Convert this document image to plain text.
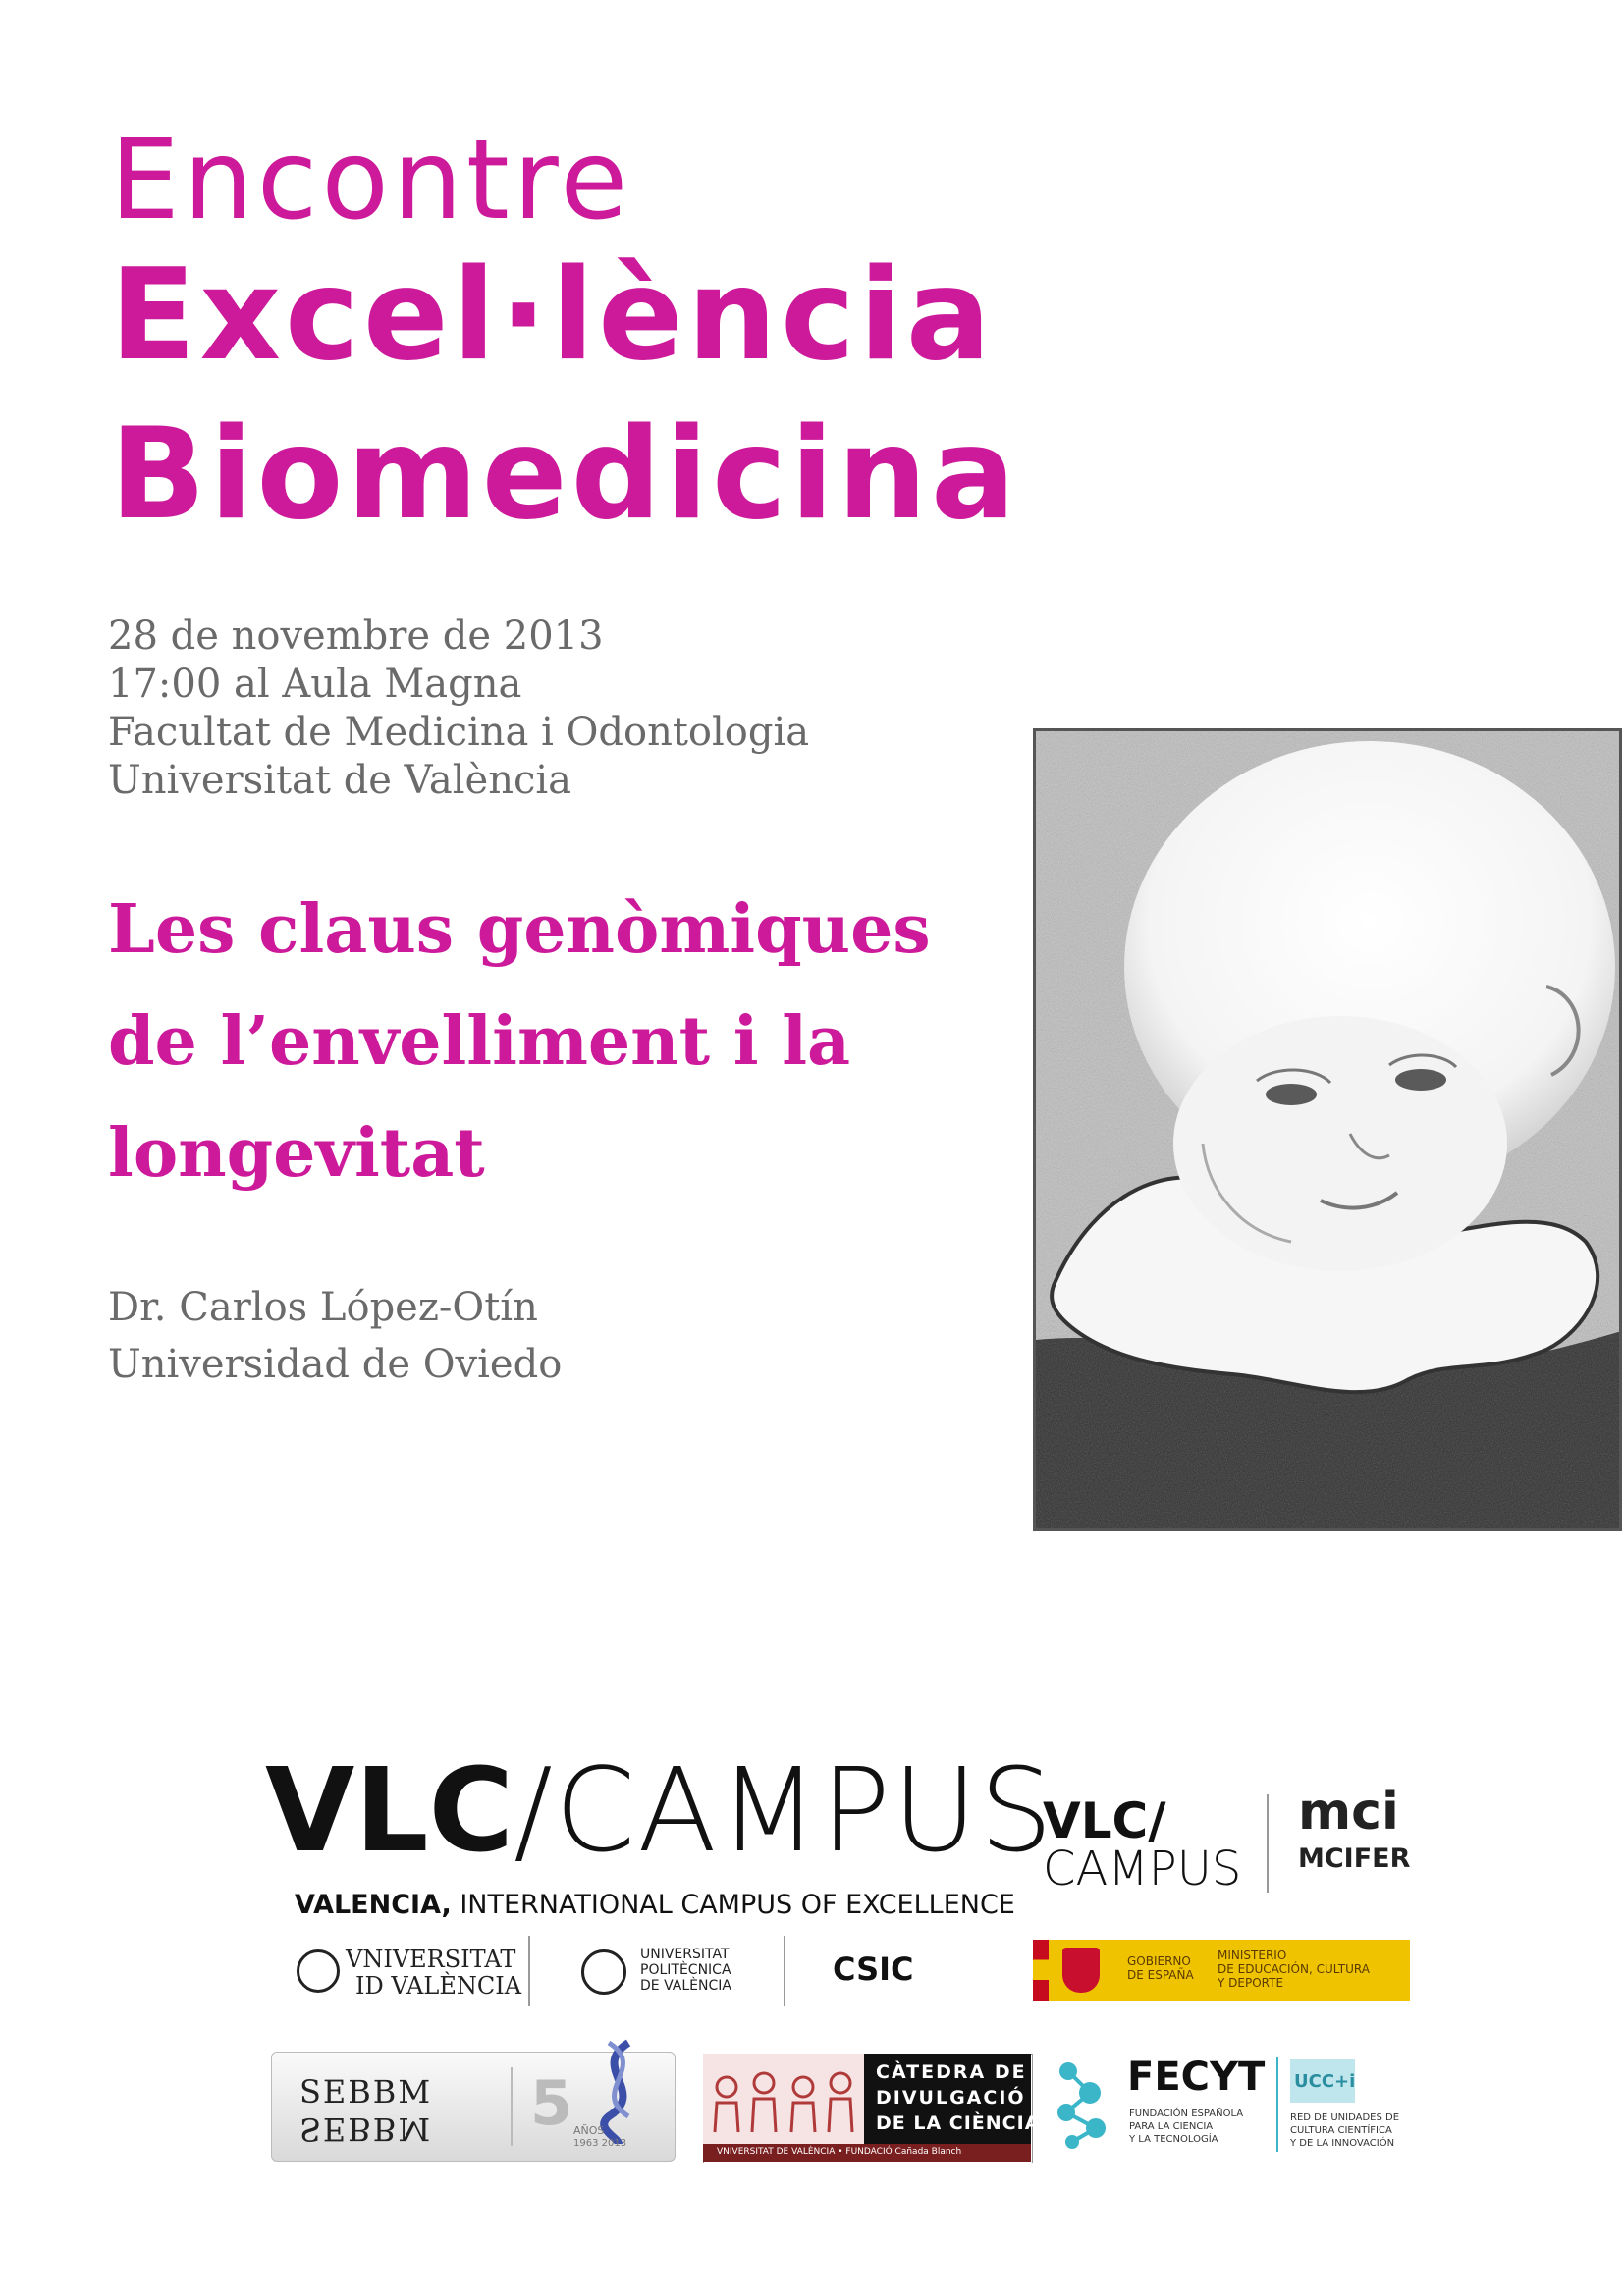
Encontre
Excel·lència
Biomedicina
28 de novembre de 2013
17:00 al Aula Magna
Facultat de Medicina i Odontologia
Universitat de València
Les claus genòmiques de l’envelliment i la longevitat
Dr. Carlos López-Otín
Universidad de Oviedo
VLC/CAMPUS
VALENCIA, INTERNATIONAL CAMPUS OF EXCELLENCE
VLC/
CAMPUS
mci
MCIFER
VNIVERSITAT
ID VALÈNCIA
UNIVERSITAT
POLITÈCNICA
DE VALÈNCIA	CSIC	GOBIERNO
DE ESPAÑA
MINISTERIO
DE EDUCACIÓN, CULTURA
Y DEPORTE
SEBBM
SEBBM 5 AÑOS
1963 2013
CÀTEDRA DE
DIVULGACIÓ
DE LA CIÈNCIA
VNIVERSITAT DE VALÈNCIA • FUNDACIÓ Cañada Blanch
FECYT
FUNDACIÓN ESPAÑOLA
PARA LA CIENCIA
Y LA TECNOLOGÍA
UCC+i
RED DE UNIDADES DE
CULTURA CIENTÍFICA
Y DE LA INNOVACIÓN
